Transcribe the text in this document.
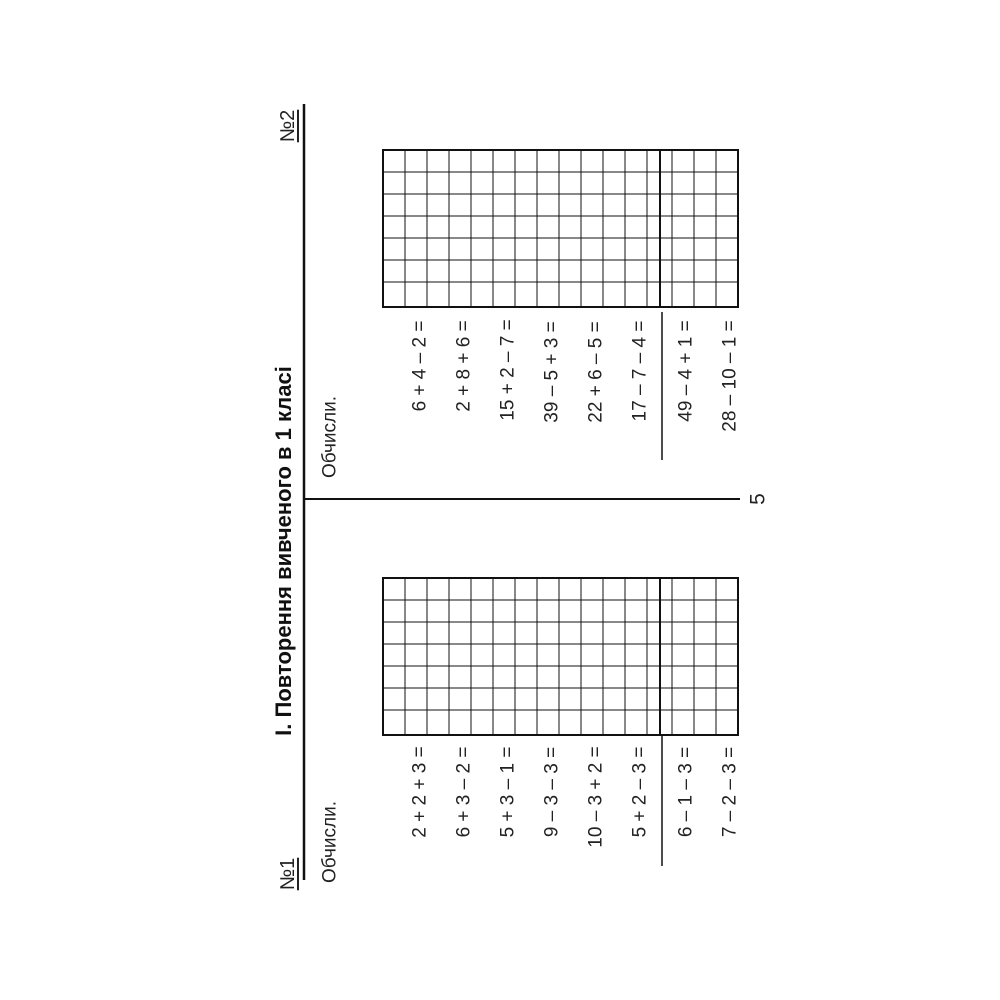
І. Повторення вивченого в 1 класі
№2
№1
Обчисли.
Обчисли.
6 + 4 – 2 = 2 + 8 + 6 = 15 + 2 – 7 = 39 – 5 + 3 = 22 + 6 – 5 = 17 – 7 – 4 = 49 – 4 + 1 = 28 – 10 – 1 =
2 + 2 + 3 = 6 + 3 – 2 = 5 + 3 – 1 = 9 – 3 – 3 = 10 – 3 + 2 = 5 + 2 – 3 = 6 – 1 – 3 = 7 – 2 – 3 =
5
